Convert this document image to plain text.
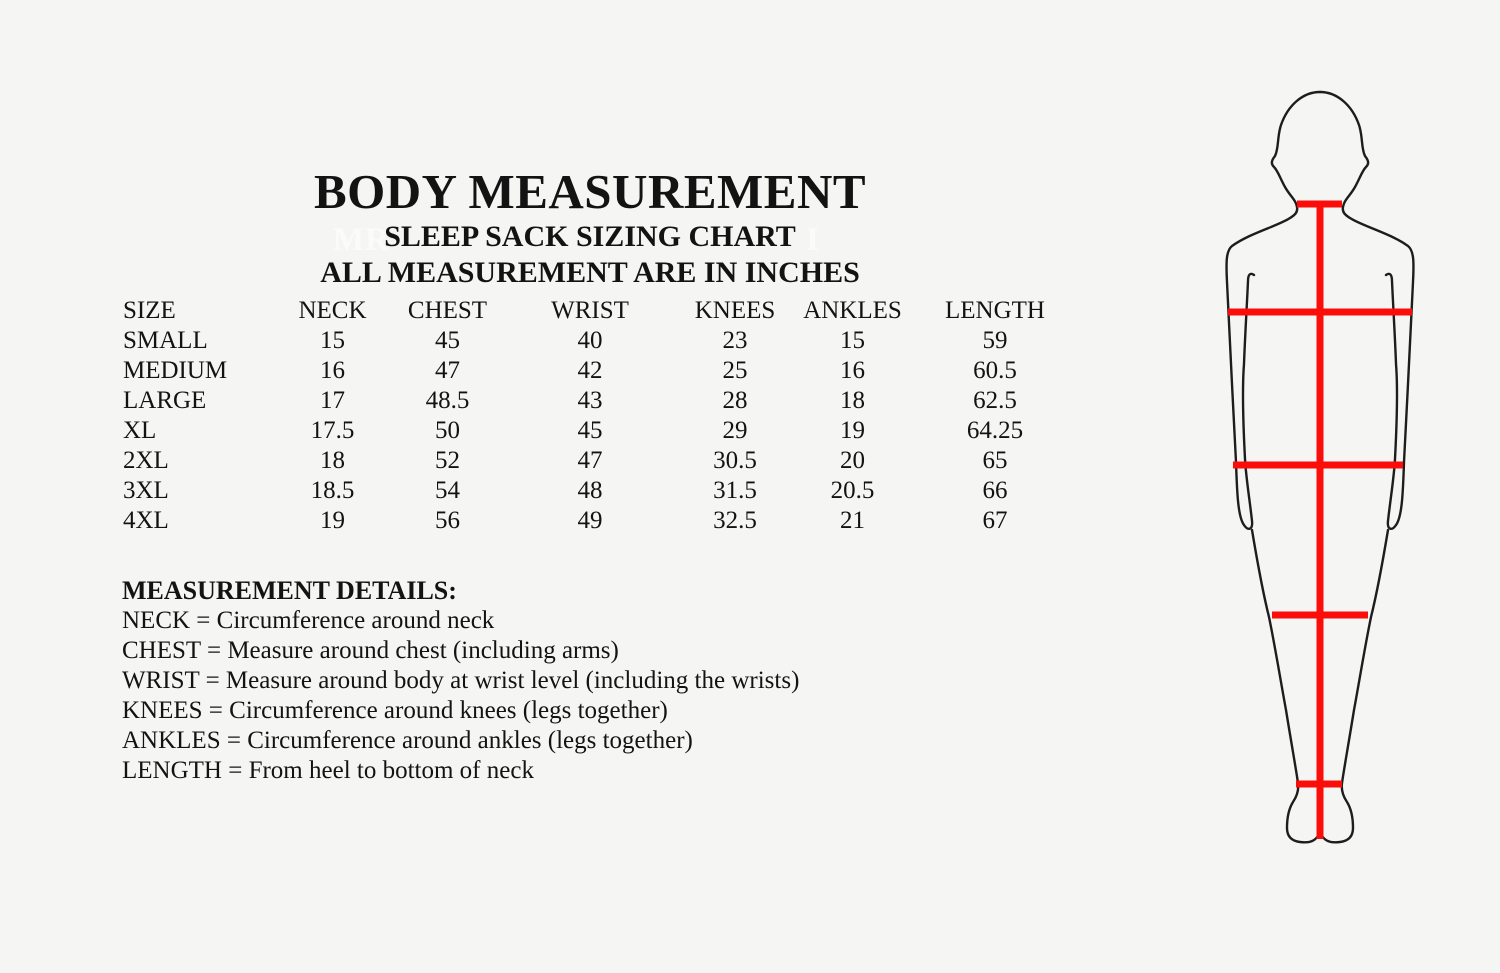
MR	I
BODY MEASUREMENT
SLEEP SACK SIZING CHART
ALL MEASUREMENT ARE IN INCHES
SIZE	NECK	CHEST	WRIST	KNEES	ANKLES	LENGTH
SMALL	15	45	40	23	15	59
MEDIUM	16	47	42	25	16	60.5
LARGE	17	48.5	43	28	18	62.5
XL	17.5	50	45	29	19	64.25
2XL	18	52	47	30.5	20	65
3XL	18.5	54	48	31.5	20.5	66
4XL	19	56	49	32.5	21	67
MEASUREMENT DETAILS:
NECK = Circumference around neck
CHEST = Measure around chest (including arms)
WRIST = Measure around body at wrist level (including the wrists)
KNEES = Circumference around knees (legs together)
ANKLES = Circumference around ankles (legs together)
LENGTH = From heel to bottom of neck
